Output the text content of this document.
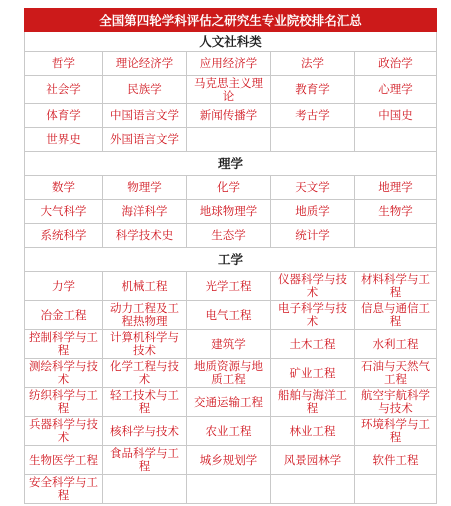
全国第四轮学科评估之研究生专业院校排名汇总				
人文社科类				

哲学	理论经济学	应用经济学	法学	政治学

社会学	民族学	马克思主义理论	教育学	心理学

体育学	中国语言文学	新闻传播学	考古学	中国史

世界史	外国语言文学			

理学				

数学	物理学	化学	天文学	地理学

大气科学	海洋科学	地球物理学	地质学	生物学

系统科学	科学技术史	生态学	统计学	

工学				

力学	机械工程	光学工程	仪器科学与技术	材料科学与工程

冶金工程	动力工程及工程热物理	电气工程	电子科学与技术	信息与通信工程

控制科学与工程	计算机科学与技术	建筑学	土木工程	水利工程

测绘科学与技术	化学工程与技术	地质资源与地质工程	矿业工程	石油与天然气工程

纺织科学与工程	轻工技术与工程	交通运输工程	船舶与海洋工程	航空宇航科学与技术

兵器科学与技术	核科学与技术	农业工程	林业工程	环境科学与工程

生物医学工程	食品科学与工程	城乡规划学	风景园林学	软件工程

安全科学与工程				
